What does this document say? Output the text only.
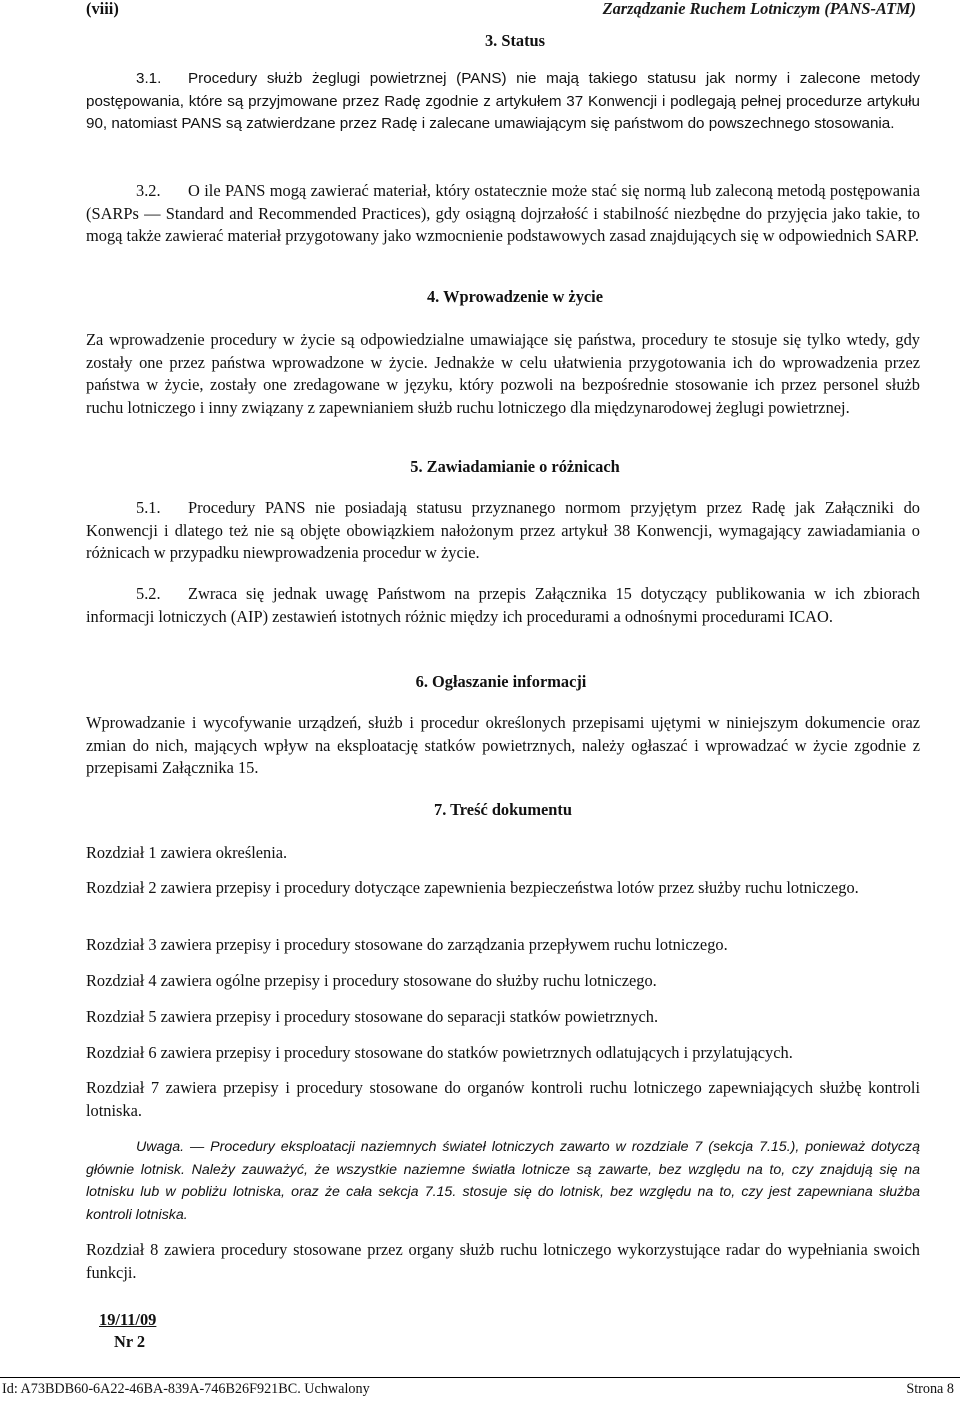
(viii)	Zarządzanie Ruchem Lotniczym (PANS-ATM)
3. Status
3.1. Procedury służb żeglugi powietrznej (PANS) nie mają takiego statusu jak normy i zalecone metody postępowania, które są przyjmowane przez Radę zgodnie z artykułem 37 Konwencji i podlegają pełnej procedurze artykułu 90, natomiast PANS są zatwierdzane przez Radę i zalecane umawiającym się państwom do powszechnego stosowania.
3.2. O ile PANS mogą zawierać materiał, który ostatecznie może stać się normą lub zaleconą metodą postępowania (SARPs — Standard and Recommended Practices), gdy osiągną dojrzałość i stabilność niezbędne do przyjęcia jako takie, to mogą także zawierać materiał przygotowany jako wzmocnienie podstawowych zasad znajdujących się w odpowiednich SARP.
4. Wprowadzenie w życie
Za wprowadzenie procedury w życie są odpowiedzialne umawiające się państwa, procedury te stosuje się tylko wtedy, gdy zostały one przez państwa wprowadzone w życie. Jednakże w celu ułatwienia przygotowania ich do wprowadzenia przez państwa w życie, zostały one zredagowane w języku, który pozwoli na bezpośrednie stosowanie ich przez personel służb ruchu lotniczego i inny związany z zapewnianiem służb ruchu lotniczego dla międzynarodowej żeglugi powietrznej.
5. Zawiadamianie o różnicach
5.1. Procedury PANS nie posiadają statusu przyznanego normom przyjętym przez Radę jak Załączniki do Konwencji i dlatego też nie są objęte obowiązkiem nałożonym przez artykuł 38 Konwencji, wymagający zawiadamiania o różnicach w przypadku niewprowadzenia procedur w życie.
5.2. Zwraca się jednak uwagę Państwom na przepis Załącznika 15 dotyczący publikowania w ich zbiorach informacji lotniczych (AIP) zestawień istotnych różnic między ich procedurami a odnośnymi procedurami ICAO.
6. Ogłaszanie informacji
Wprowadzanie i wycofywanie urządzeń, służb i procedur określonych przepisami ujętymi w niniejszym dokumencie oraz zmian do nich, mających wpływ na eksploatację statków powietrznych, należy ogłaszać i wprowadzać w życie zgodnie z przepisami Załącznika 15.
7. Treść dokumentu
Rozdział 1 zawiera określenia.
Rozdział 2 zawiera przepisy i procedury dotyczące zapewnienia bezpieczeństwa lotów przez służby ruchu lotniczego.
Rozdział 3 zawiera przepisy i procedury stosowane do zarządzania przepływem ruchu lotniczego.
Rozdział 4 zawiera ogólne przepisy i procedury stosowane do służby ruchu lotniczego.
Rozdział 5 zawiera przepisy i procedury stosowane do separacji statków powietrznych.
Rozdział 6 zawiera przepisy i procedury stosowane do statków powietrznych odlatujących i przylatujących.
Rozdział 7 zawiera przepisy i procedury stosowane do organów kontroli ruchu lotniczego zapewniających służbę kontroli lotniska.
Uwaga. — Procedury eksploatacji naziemnych świateł lotniczych zawarto w rozdziale 7 (sekcja 7.15.), ponieważ dotyczą głównie lotnisk. Należy zauważyć, że wszystkie naziemne światła lotnicze są zawarte, bez względu na to, czy znajdują się na lotnisku lub w pobliżu lotniska, oraz że cała sekcja 7.15. stosuje się do lotnisk, bez względu na to, czy jest zapewniana służba kontroli lotniska.
Rozdział 8 zawiera procedury stosowane przez organy służb ruchu lotniczego wykorzystujące radar do wypełniania swoich funkcji.
19/11/09
Nr 2
Id: A73BDB60-6A22-46BA-839A-746B26F921BC. Uchwalony	Strona 8
